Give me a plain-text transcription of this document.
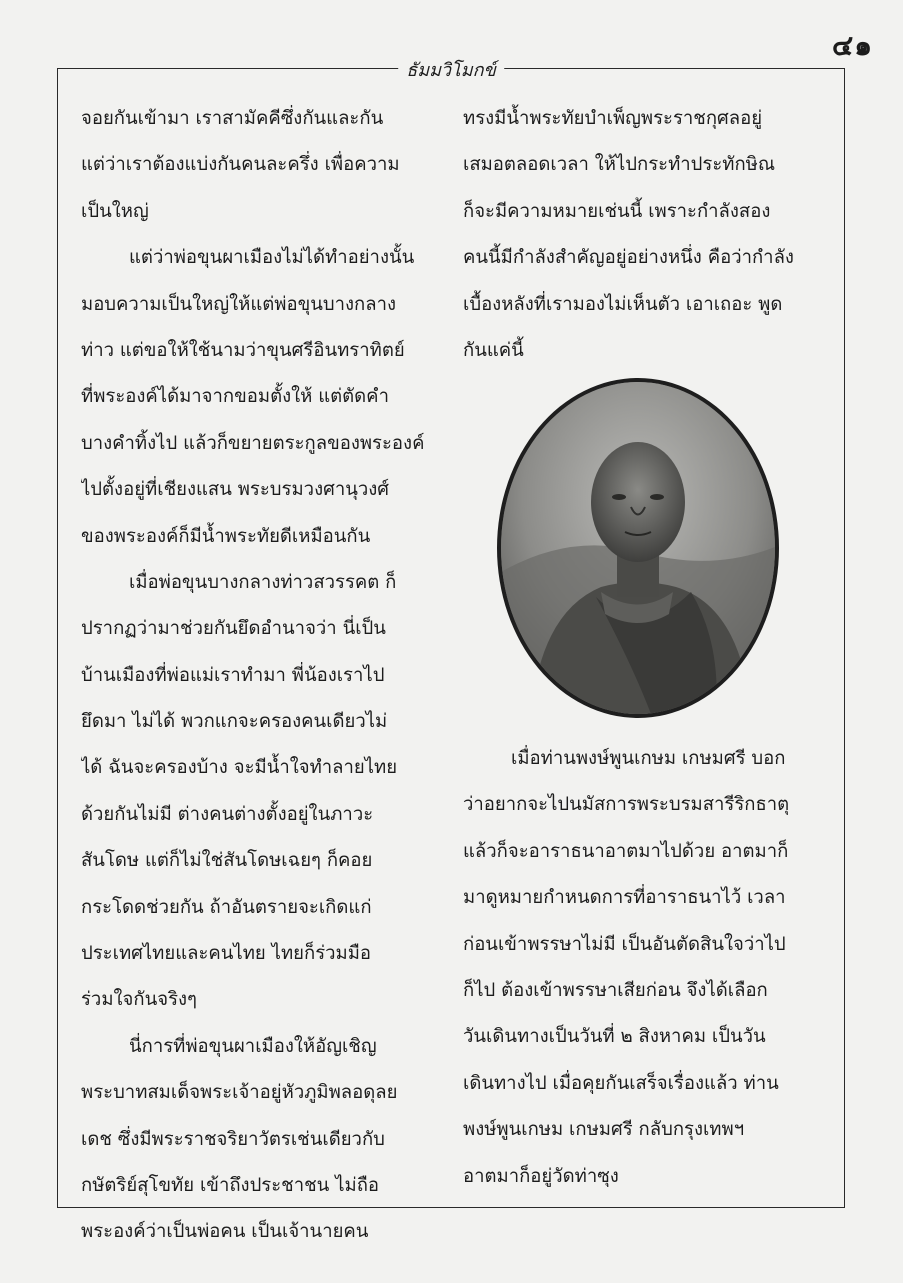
๔๑
ธัมมวิโมกข์
จอยกันเข้ามา เราสามัคคีซึ่งกันและกัน
แต่ว่าเราต้องแบ่งกันคนละครึ่ง เพื่อความ
เป็นใหญ่
แต่ว่าพ่อขุนผาเมืองไม่ได้ทำอย่างนั้น
มอบความเป็นใหญ่ให้แต่พ่อขุนบางกลาง
ท่าว แต่ขอให้ใช้นามว่าขุนศรีอินทราทิตย์
ที่พระองค์ได้มาจากขอมตั้งให้ แต่ตัดคำ
บางคำทิ้งไป แล้วก็ขยายตระกูลของพระองค์
ไปตั้งอยู่ที่เชียงแสน พระบรมวงศานุวงศ์
ของพระองค์ก็มีน้ำพระทัยดีเหมือนกัน
เมื่อพ่อขุนบางกลางท่าวสวรรคต ก็
ปรากฏว่ามาช่วยกันยึดอำนาจว่า นี่เป็น
บ้านเมืองที่พ่อแม่เราทำมา พี่น้องเราไป
ยึดมา ไม่ได้ พวกแกจะครองคนเดียวไม่
ได้ ฉันจะครองบ้าง จะมีน้ำใจทำลายไทย
ด้วยกันไม่มี ต่างคนต่างตั้งอยู่ในภาวะ
สันโดษ แต่ก็ไม่ใช่สันโดษเฉยๆ ก็คอย
กระโดดช่วยกัน ถ้าอันตรายจะเกิดแก่
ประเทศไทยและคนไทย ไทยก็ร่วมมือ
ร่วมใจกันจริงๆ
นี่การที่พ่อขุนผาเมืองให้อัญเชิญ
พระบาทสมเด็จพระเจ้าอยู่หัวภูมิพลอดุลย
เดช ซึ่งมีพระราชจริยาวัตรเช่นเดียวกับ
กษัตริย์สุโขทัย เข้าถึงประชาชน ไม่ถือ
พระองค์ว่าเป็นพ่อคน เป็นเจ้านายคน
ทรงมีน้ำพระทัยบำเพ็ญพระราชกุศลอยู่
เสมอตลอดเวลา ให้ไปกระทำประทักษิณ
ก็จะมีความหมายเช่นนี้ เพราะกำลังสอง
คนนี้มีกำลังสำคัญอยู่อย่างหนึ่ง คือว่ากำลัง
เบื้องหลังที่เรามองไม่เห็นตัว เอาเถอะ พูด
กันแค่นี้
เมื่อท่านพงษ์พูนเกษม เกษมศรี บอก
ว่าอยากจะไปนมัสการพระบรมสารีริกธาตุ
แล้วก็จะอาราธนาอาตมาไปด้วย อาตมาก็
มาดูหมายกำหนดการที่อาราธนาไว้ เวลา
ก่อนเข้าพรรษาไม่มี เป็นอันตัดสินใจว่าไป
ก็ไป ต้องเข้าพรรษาเสียก่อน จึงได้เลือก
วันเดินทางเป็นวันที่ ๒ สิงหาคม เป็นวัน
เดินทางไป เมื่อคุยกันเสร็จเรื่องแล้ว ท่าน
พงษ์พูนเกษม เกษมศรี กลับกรุงเทพฯ
อาตมาก็อยู่วัดท่าซุง
